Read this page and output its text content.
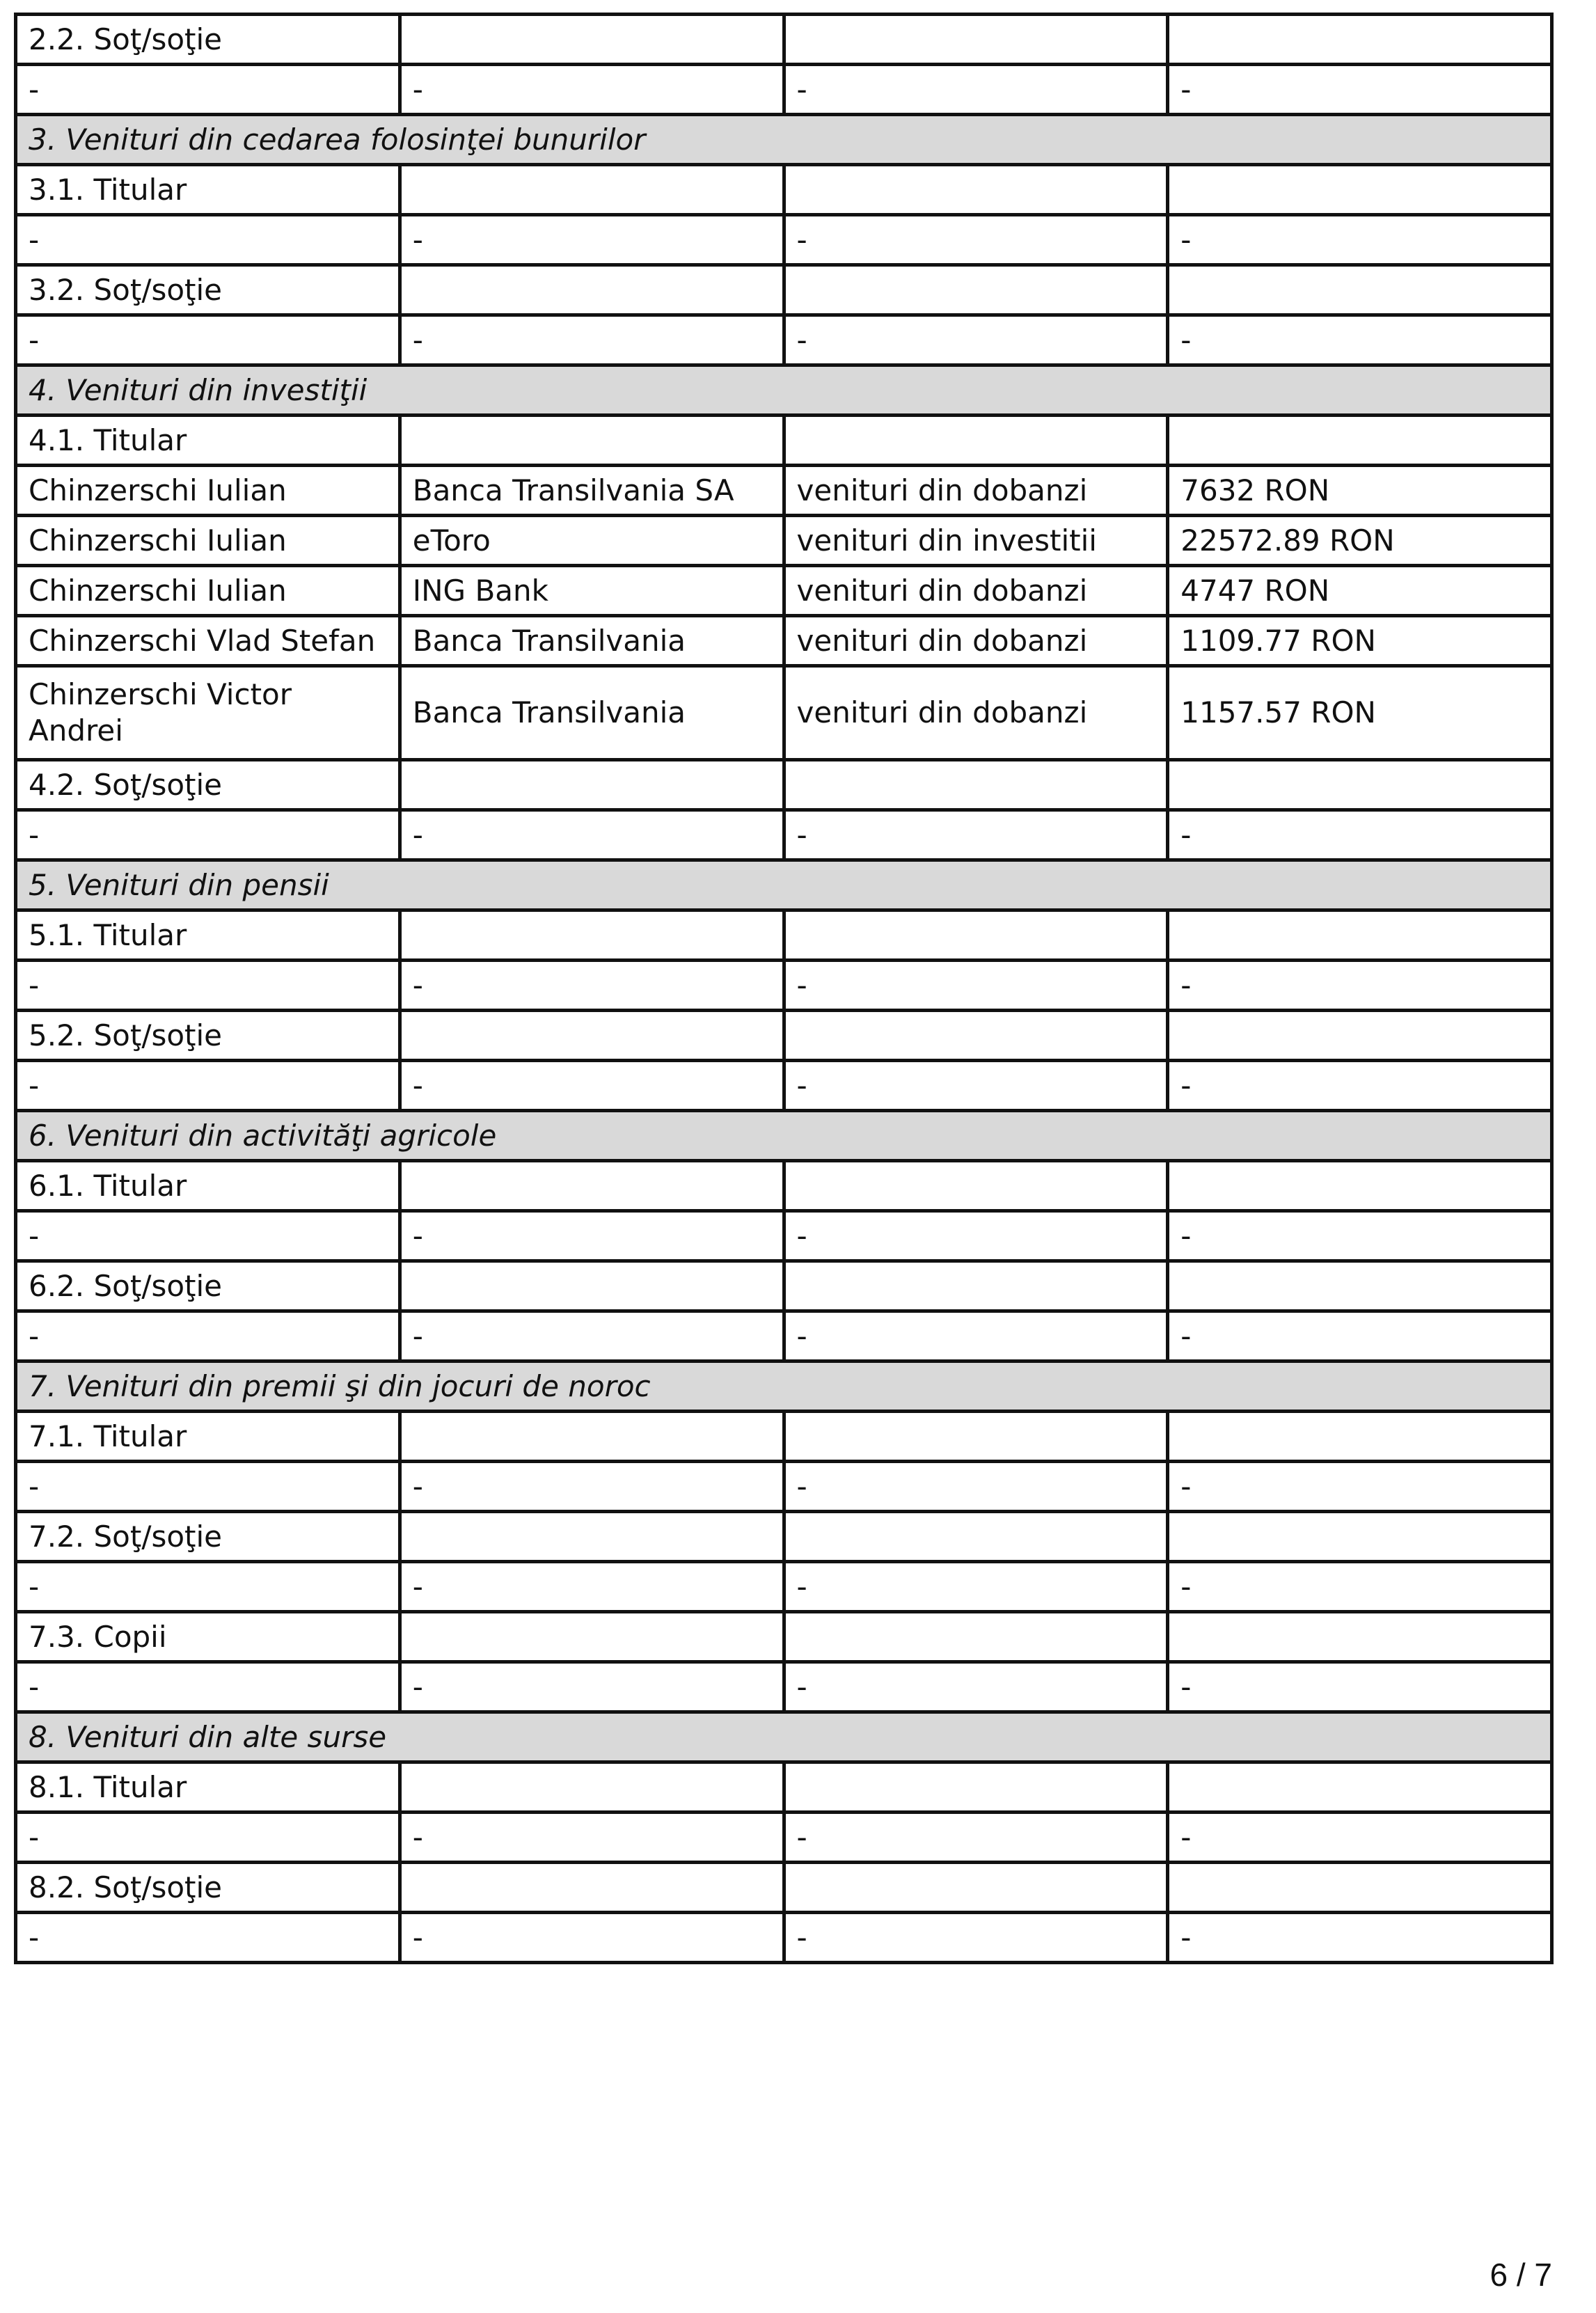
2.2. Soţ/soţie			
-	-	-	-
3. Venituri din cedarea folosinţei bunurilor			
3.1. Titular			
-	-	-	-
3.2. Soţ/soţie			
-	-	-	-
4. Venituri din investiţii			
4.1. Titular			
Chinzerschi Iulian	Banca Transilvania SA	venituri din dobanzi	7632 RON
Chinzerschi Iulian	eToro	venituri din investitii	22572.89 RON
Chinzerschi Iulian	ING Bank	venituri din dobanzi	4747 RON
Chinzerschi Vlad Stefan	Banca Transilvania	venituri din dobanzi	1109.77 RON
Chinzerschi Victor Andrei	Banca Transilvania	venituri din dobanzi	1157.57 RON
4.2. Soţ/soţie			
-	-	-	-
5. Venituri din pensii			
5.1. Titular			
-	-	-	-
5.2. Soţ/soţie			
-	-	-	-
6. Venituri din activităţi agricole			
6.1. Titular			
-	-	-	-
6.2. Soţ/soţie			
-	-	-	-
7. Venituri din premii şi din jocuri de noroc			
7.1. Titular			
-	-	-	-
7.2. Soţ/soţie			
-	-	-	-
7.3. Copii			
-	-	-	-
8. Venituri din alte surse			
8.1. Titular			
-	-	-	-
8.2. Soţ/soţie			
-	-	-	-
6 / 7
